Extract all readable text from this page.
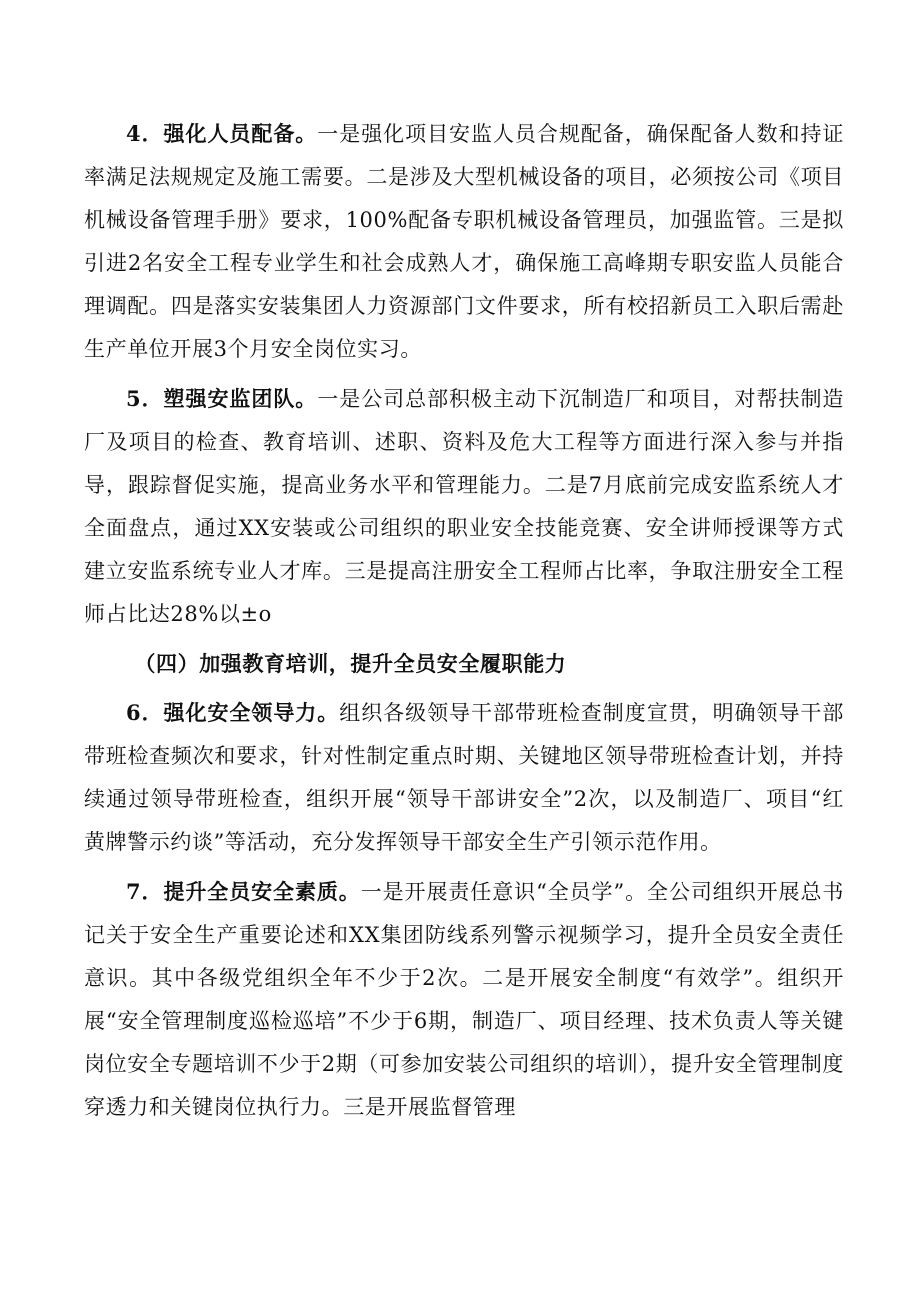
4．强化人员配备。一是强化项目安监人员合规配备，确保配备人数和持证率满足法规规定及施工需要。二是涉及大型机械设备的项目，必须按公司《项目机械设备管理手册》要求，100%配备专职机械设备管理员，加强监管。三是拟引进2名安全工程专业学生和社会成熟人才，确保施工高峰期专职安监人员能合理调配。四是落实安装集团人力资源部门文件要求，所有校招新员工入职后需赴生产单位开展3个月安全岗位实习。

5．塑强安监团队。一是公司总部积极主动下沉制造厂和项目，对帮扶制造厂及项目的检查、教育培训、述职、资料及危大工程等方面进行深入参与并指导，跟踪督促实施，提高业务水平和管理能力。二是7月底前完成安监系统人才全面盘点，通过XX安装或公司组织的职业安全技能竞赛、安全讲师授课等方式建立安监系统专业人才库。三是提高注册安全工程师占比率，争取注册安全工程师占比达28%以±o

（四）加强教育培训，提升全员安全履职能力

6．强化安全领导力。组织各级领导干部带班检查制度宣贯，明确领导干部带班检查频次和要求，针对性制定重点时期、关键地区领导带班检查计划，并持续通过领导带班检查，组织开展“领导干部讲安全”2次，以及制造厂、项目“红黄牌警示约谈”等活动，充分发挥领导干部安全生产引领示范作用。

7．提升全员安全素质。一是开展责任意识“全员学”。全公司组织开展总书记关于安全生产重要论述和XX集团防线系列警示视频学习，提升全员安全责任意识。其中各级党组织全年不少于2次。二是开展安全制度“有效学”。组织开展“安全管理制度巡检巡培”不少于6期，制造厂、项目经理、技术负责人等关键岗位安全专题培训不少于2期（可参加安装公司组织的培训），提升安全管理制度穿透力和关键岗位执行力。三是开展监督管理
